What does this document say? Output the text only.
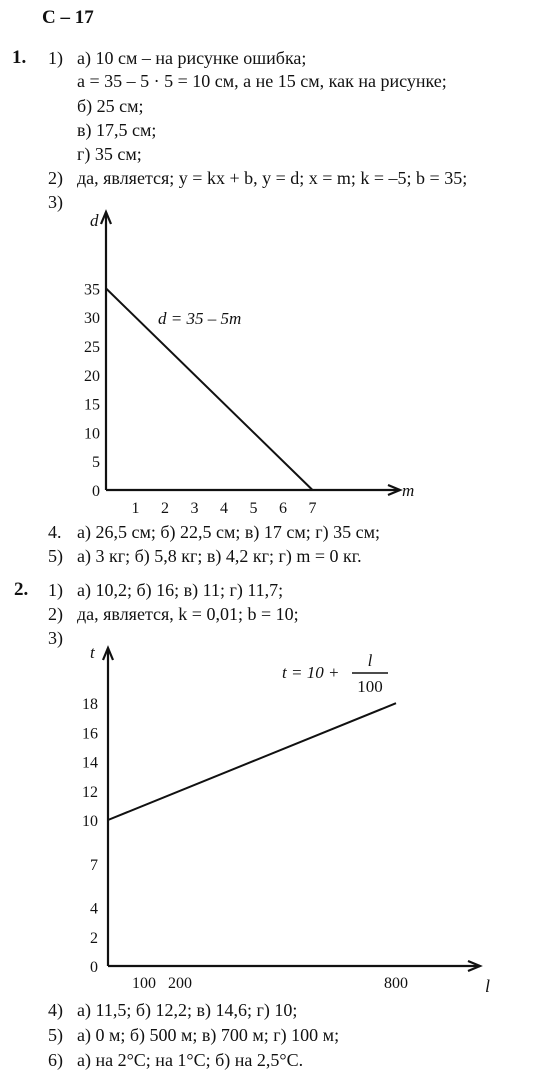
С – 17
1. 1) а) 10 см – на рисунке ошибка;
a = 35 – 5 · 5 = 10 см, а не 15 см, как на рисунке;
б) 25 см;
в) 17,5 см;
г) 35 см;
2) да, является; y = kx + b, y = d; x = m; k = –5; b = 35;
3)
d
m
0
5
10
15
20
25
30
35
1 2 3 4 5 6 7
d = 35 – 5m
4. а) 26,5 см; б) 22,5 см; в) 17 см; г) 35 см;
5) а) 3 кг; б) 5,8 кг; в) 4,2 кг; г) m = 0 кг.
2. 1) а) 10,2; б) 16; в) 11; г) 11,7;
2) да, является, k = 0,01; b = 10;
3)
t
l
0
2
4
7
10
12
14
16
18
100 200	800
t = 10 +
l
100
4) а) 11,5; б) 12,2; в) 14,6; г) 10;
5) а) 0 м; б) 500 м; в) 700 м; г) 100 м;
6) а) на 2°С; на 1°С; б) на 2,5°С.
